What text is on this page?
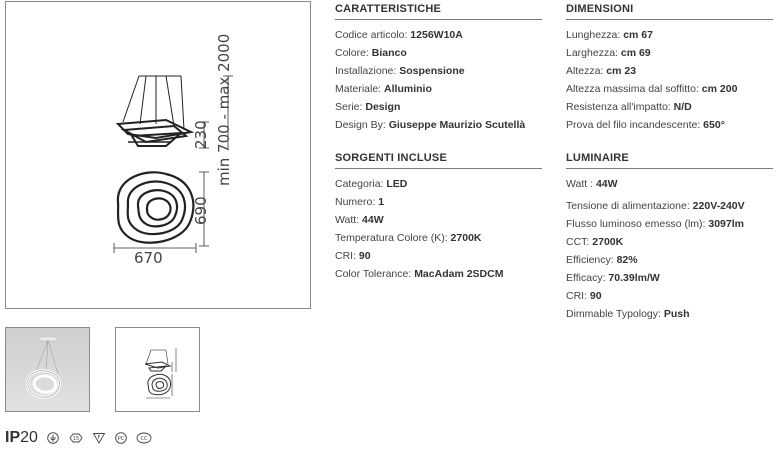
230 min 700 - max 2000
690
670
IP20	15	F	PC	CC
CARATTERISTICHE
Codice articolo: 1256W10A
Colore: Bianco
Installazione: Sospensione
Materiale: Alluminio
Serie: Design
Design By: Giuseppe Maurizio Scutellà
DIMENSIONI
Lunghezza: cm 67
Larghezza: cm 69
Altezza: cm 23
Altezza massima dal soffitto: cm 200
Resistenza all'impatto: N/D
Prova del filo incandescente: 650°
SORGENTI INCLUSE
Categoria: LED
Numero: 1
Watt: 44W
Temperatura Colore (K): 2700K
CRI: 90
Color Tolerance: MacAdam 2SDCM
LUMINAIRE
Watt : 44W
Tensione di alimentazione: 220V-240V
Flusso luminoso emesso (lm): 3097lm
CCT: 2700K
Efficiency: 82%
Efficacy: 70.39lm/W
CRI: 90
Dimmable Typology: Push
